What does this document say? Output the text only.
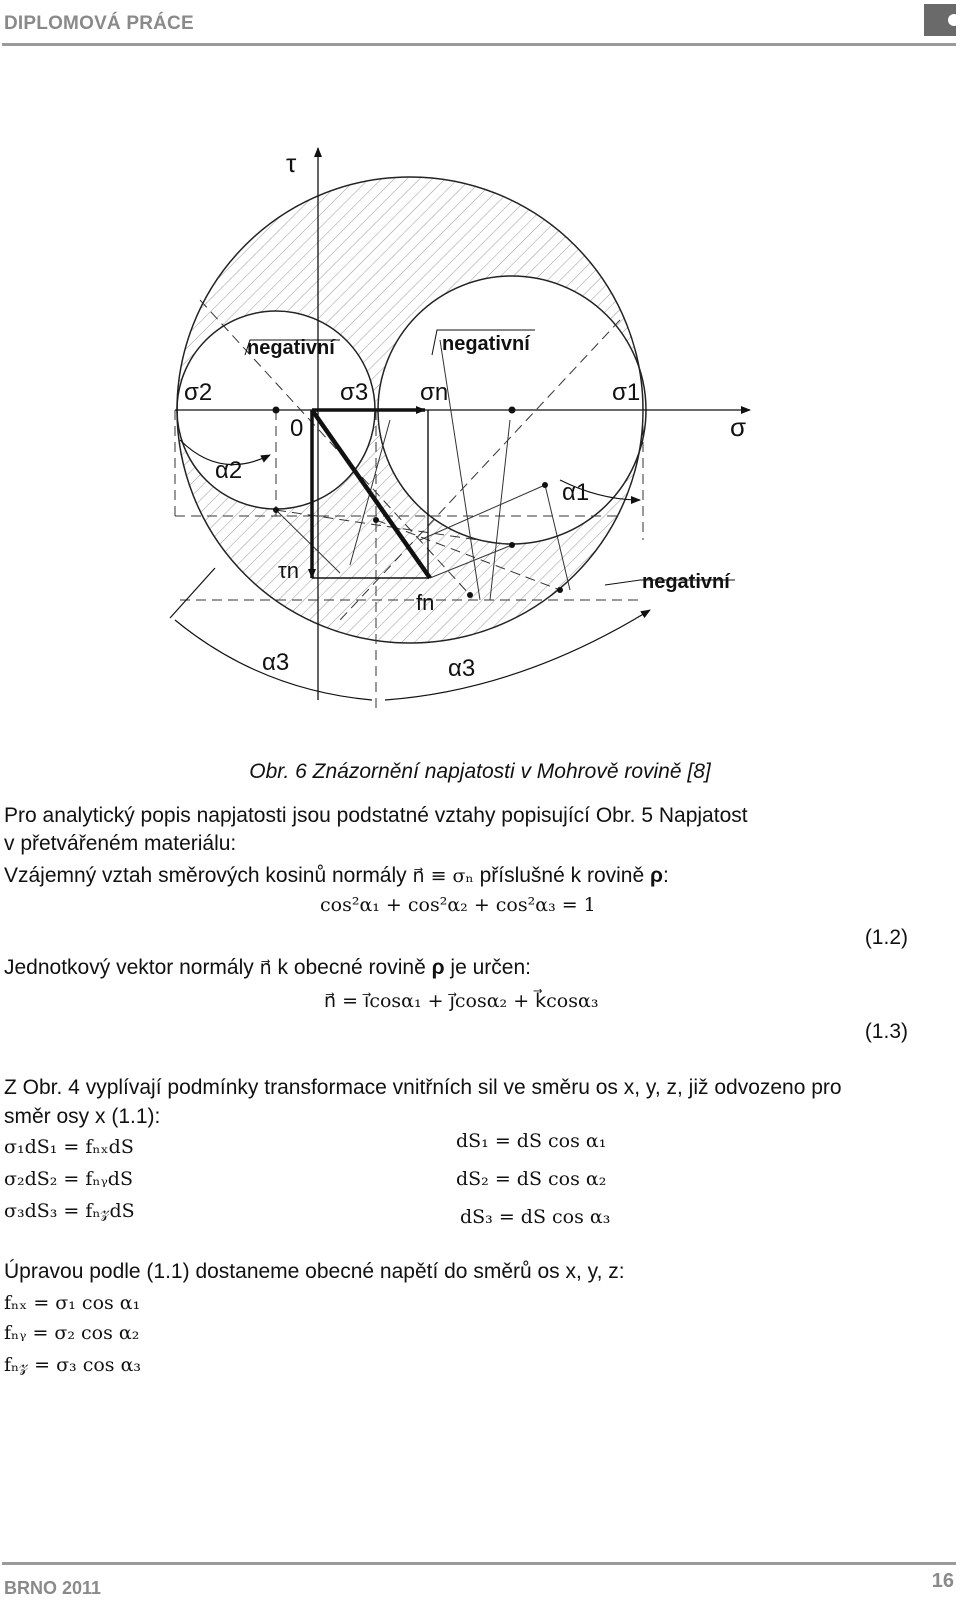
DIPLOMOVÁ PRÁCE
τ
σ
σ2	σ3 σn	σ1
0
α2
α1
τn
fn
α3	α3
negativní	negativní
negativní
Obr. 6 Znázornění napjatosti v Mohrově rovině [8]
Pro analytický popis napjatosti jsou podstatné vztahy popisující Obr. 5 Napjatost
v přetvářeném materiálu:
Vzájemný vztah směrových kosinů normály n⃗ ≡ σₙ příslušné k rovině ρ:
cos²α₁ + cos²α₂ + cos²α₃ = 1
(1.2)
Jednotkový vektor normály n⃗ k obecné rovině ρ je určen:
n⃗ = i⃗cosα₁ + j⃗cosα₂ + k⃗cosα₃
(1.3)
Z Obr. 4 vyplívají podmínky transformace vnitřních sil ve směru os x, y, z, již odvozeno pro
směr osy x (1.1):
σ₁dS₁ = fₙₓdS
σ₂dS₂ = fₙᵧdS
σ₃dS₃ = fₙ𝓏dS
dS₁ = dS cos α₁
dS₂ = dS cos α₂
dS₃ = dS cos α₃
Úpravou podle (1.1) dostaneme obecné napětí do směrů os x, y, z:
fₙₓ = σ₁ cos α₁
fₙᵧ = σ₂ cos α₂
fₙ𝓏 = σ₃ cos α₃
BRNO 2011	16
